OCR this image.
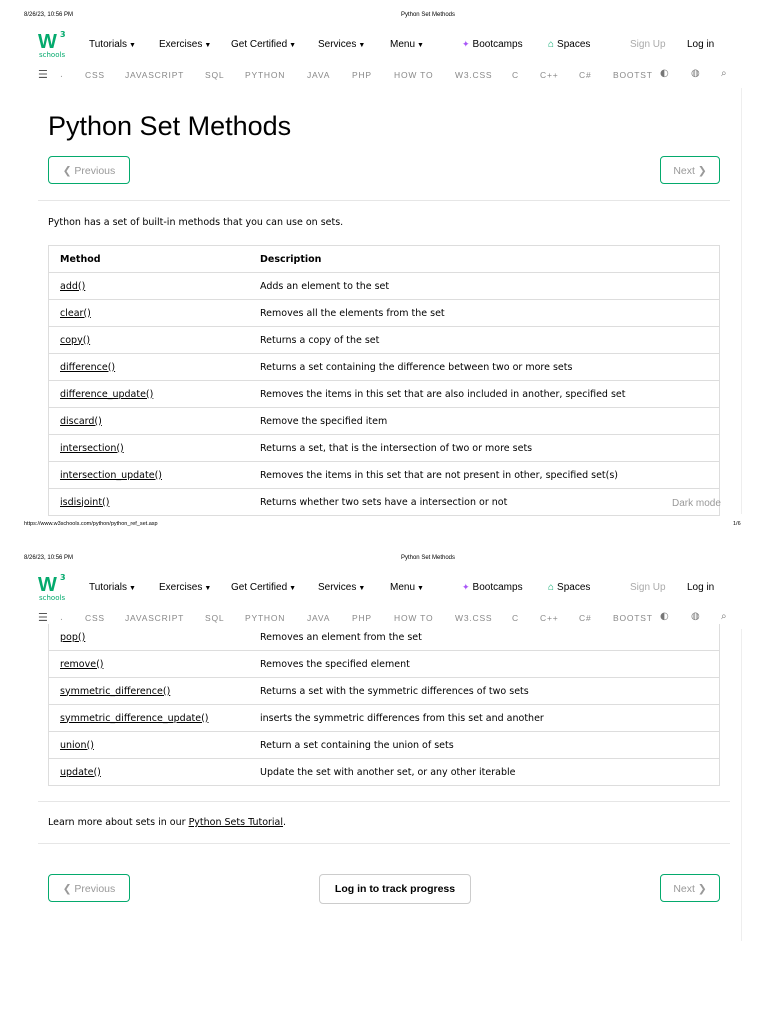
8/26/23, 10:56 PM	Python Set Methods
W 3
schools
Tutorials ▼ Exercises ▼ Get Certified ▼ Services ▼ Menu ▼	✦ Bootcamps	⌂ Spaces	Sign Up Log in
☰ .	CSS JAVASCRIPT SQL PYTHON	JAVA	PHP	HOW TO	W3.CSS C C++ C#	BOOTST ◐ ◍ ⌕
Python Set Methods
❮ Previous	Next ❯
Python has a set of built-in methods that you can use on sets.
Method	Description
add()	Adds an element to the set
clear()	Removes all the elements from the set
copy()	Returns a copy of the set
difference()	Returns a set containing the difference between two or more sets
difference_update()	Removes the items in this set that are also included in another, specified set
discard()	Remove the specified item
intersection()	Returns a set, that is the intersection of two or more sets
intersection_update()	Removes the items in this set that are not present in other, specified set(s)
isdisjoint()	Returns whether two sets have a intersection or not	Dark mode
https://www.w3schools.com/python/python_ref_set.asp	1/6
8/26/23, 10:56 PM	Python Set Methods
W 3
schools
Tutorials ▼ Exercises ▼ Get Certified ▼ Services ▼ Menu ▼	✦ Bootcamps	⌂ Spaces	Sign Up Log in
☰ .	CSS JAVASCRIPT SQL PYTHON	JAVA	PHP	HOW TO	W3.CSS C C++ C#	BOOTST ◐ ◍ ⌕
pop()	Removes an element from the set
remove()	Removes the specified element
symmetric_difference()	Returns a set with the symmetric differences of two sets
symmetric_difference_update()	inserts the symmetric differences from this set and another
union()	Return a set containing the union of sets
update()	Update the set with another set, or any other iterable
Learn more about sets in our Python Sets Tutorial.
❮ Previous	Log in to track progress	Next ❯
